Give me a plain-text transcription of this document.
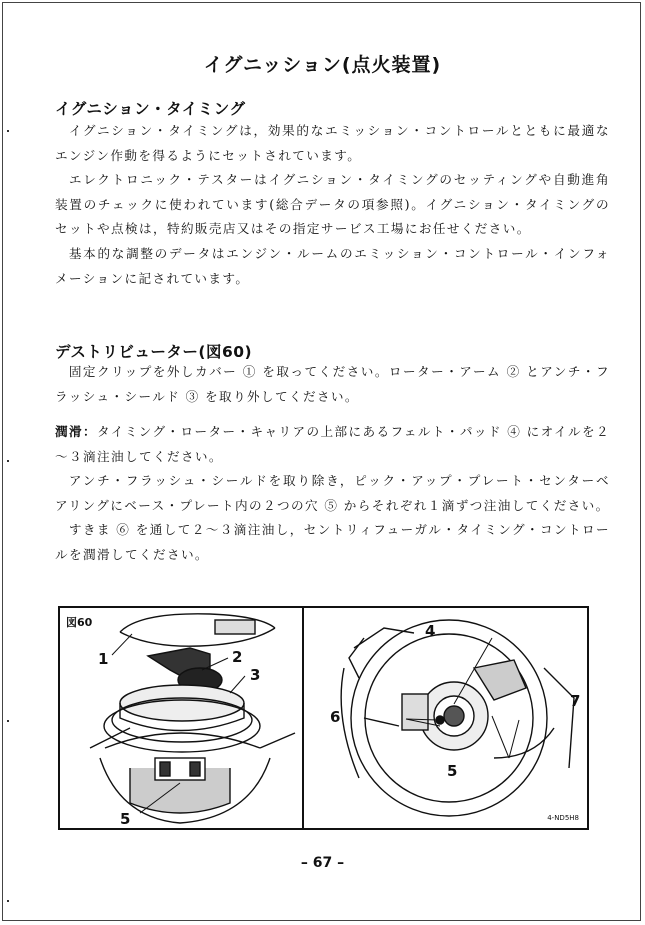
イグニッション(点火装置)
イグニション・タイミング

イグニション・タイミングは，効果的なエミッション・コントロールとともに最適なエンジン作動を得るようにセットされています。

エレクトロニック・テスターはイグニション・タイミングのセッティングや自動進角装置のチェックに使われています(総合データの項参照)。イグニション・タイミングのセットや点検は，特約販売店又はその指定サービス工場にお任せください。

基本的な調整のデータはエンジン・ルームのエミッション・コントロール・インフォメーションに記されています。

デストリビューター(図60)

固定クリップを外しカバー ① を取ってください。ローター・アーム ② とアンチ・フラッシュ・シールド ③ を取り外してください。

潤滑：タイミング・ローター・キャリアの上部にあるフェルト・パッド ④ にオイルを２～３滴注油してください。

アンチ・フラッシュ・シールドを取り除き，ピック・アップ・プレート・センターベアリングにベース・プレート内の２つの穴 ⑤ からそれぞれ１滴ずつ注油してください。

すきま ⑥ を通して２～３滴注油し，セントリィフューガル・タイミング・コントロールを潤滑してください。

図60
1	2
3
5
4
6
7
5
4-ND5H8
– 67 –
